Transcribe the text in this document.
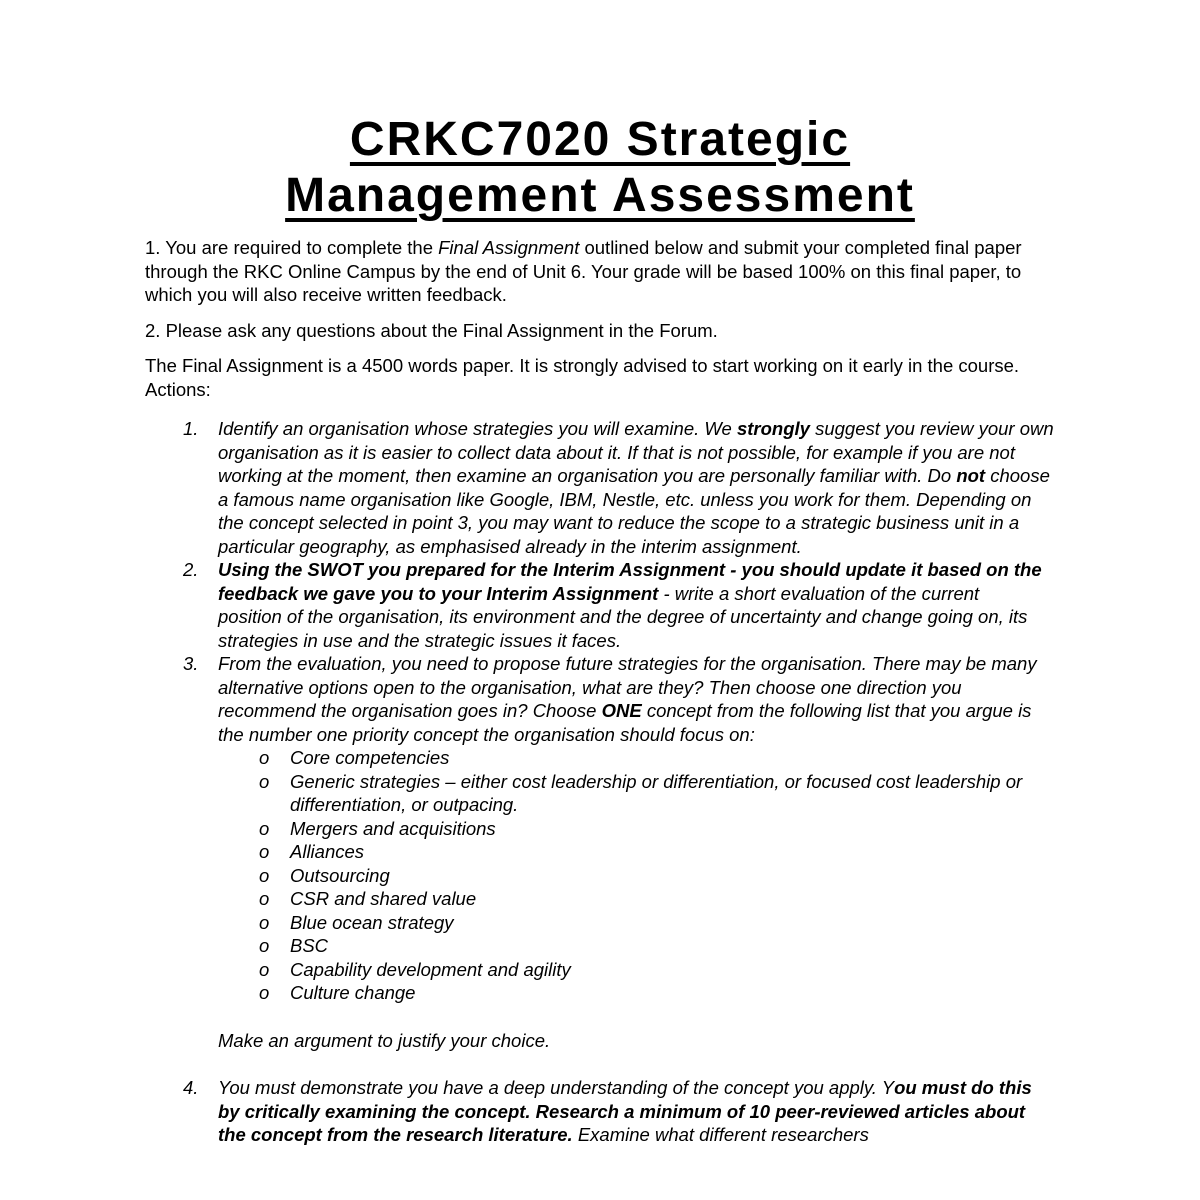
CRKC7020 Strategic
Management Assessment

1. You are required to complete the Final Assignment outlined below and submit your completed final paper through the RKC Online Campus by the end of Unit 6. Your grade will be based 100% on this final paper, to which you will also receive written feedback.

2. Please ask any questions about the Final Assignment in the Forum.

The Final Assignment is a 4500 words paper. It is strongly advised to start working on it early in the course. Actions:

1.	Identify an organisation whose strategies you will examine. We strongly suggest you review your own organisation as it is easier to collect data about it. If that is not possible, for example if you are not working at the moment, then examine an organisation you are personally familiar with. Do not choose a famous name organisation like Google, IBM, Nestle, etc. unless you work for them. Depending on the concept selected in point 3, you may want to reduce the scope to a strategic business unit in a particular geography, as emphasised already in the interim assignment.
2.	Using the SWOT you prepared for the Interim Assignment - you should update it based on the feedback we gave you to your Interim Assignment - write a short evaluation of the current
position of the organisation, its environment and the degree of uncertainty and change going on, its strategies in use and the strategic issues it faces.
3.	From the evaluation, you need to propose future strategies for the organisation. There may be many alternative options open to the organisation, what are they? Then choose one direction you recommend the organisation goes in? Choose ONE concept from the following list that you argue is the number one priority concept the organisation should focus on:
o	Core competencies
o	Generic strategies – either cost leadership or differentiation, or focused cost leadership or differentiation, or outpacing.
o	Mergers and acquisitions
o	Alliances
o	Outsourcing
o	CSR and shared value
o	Blue ocean strategy
o	BSC
o	Capability development and agility
o	Culture change
Make an argument to justify your choice.
4.	You must demonstrate you have a deep understanding of the concept you apply. You must do this by critically examining the concept. Research a minimum of 10 peer-reviewed articles about the concept from the research literature. Examine what different researchers
